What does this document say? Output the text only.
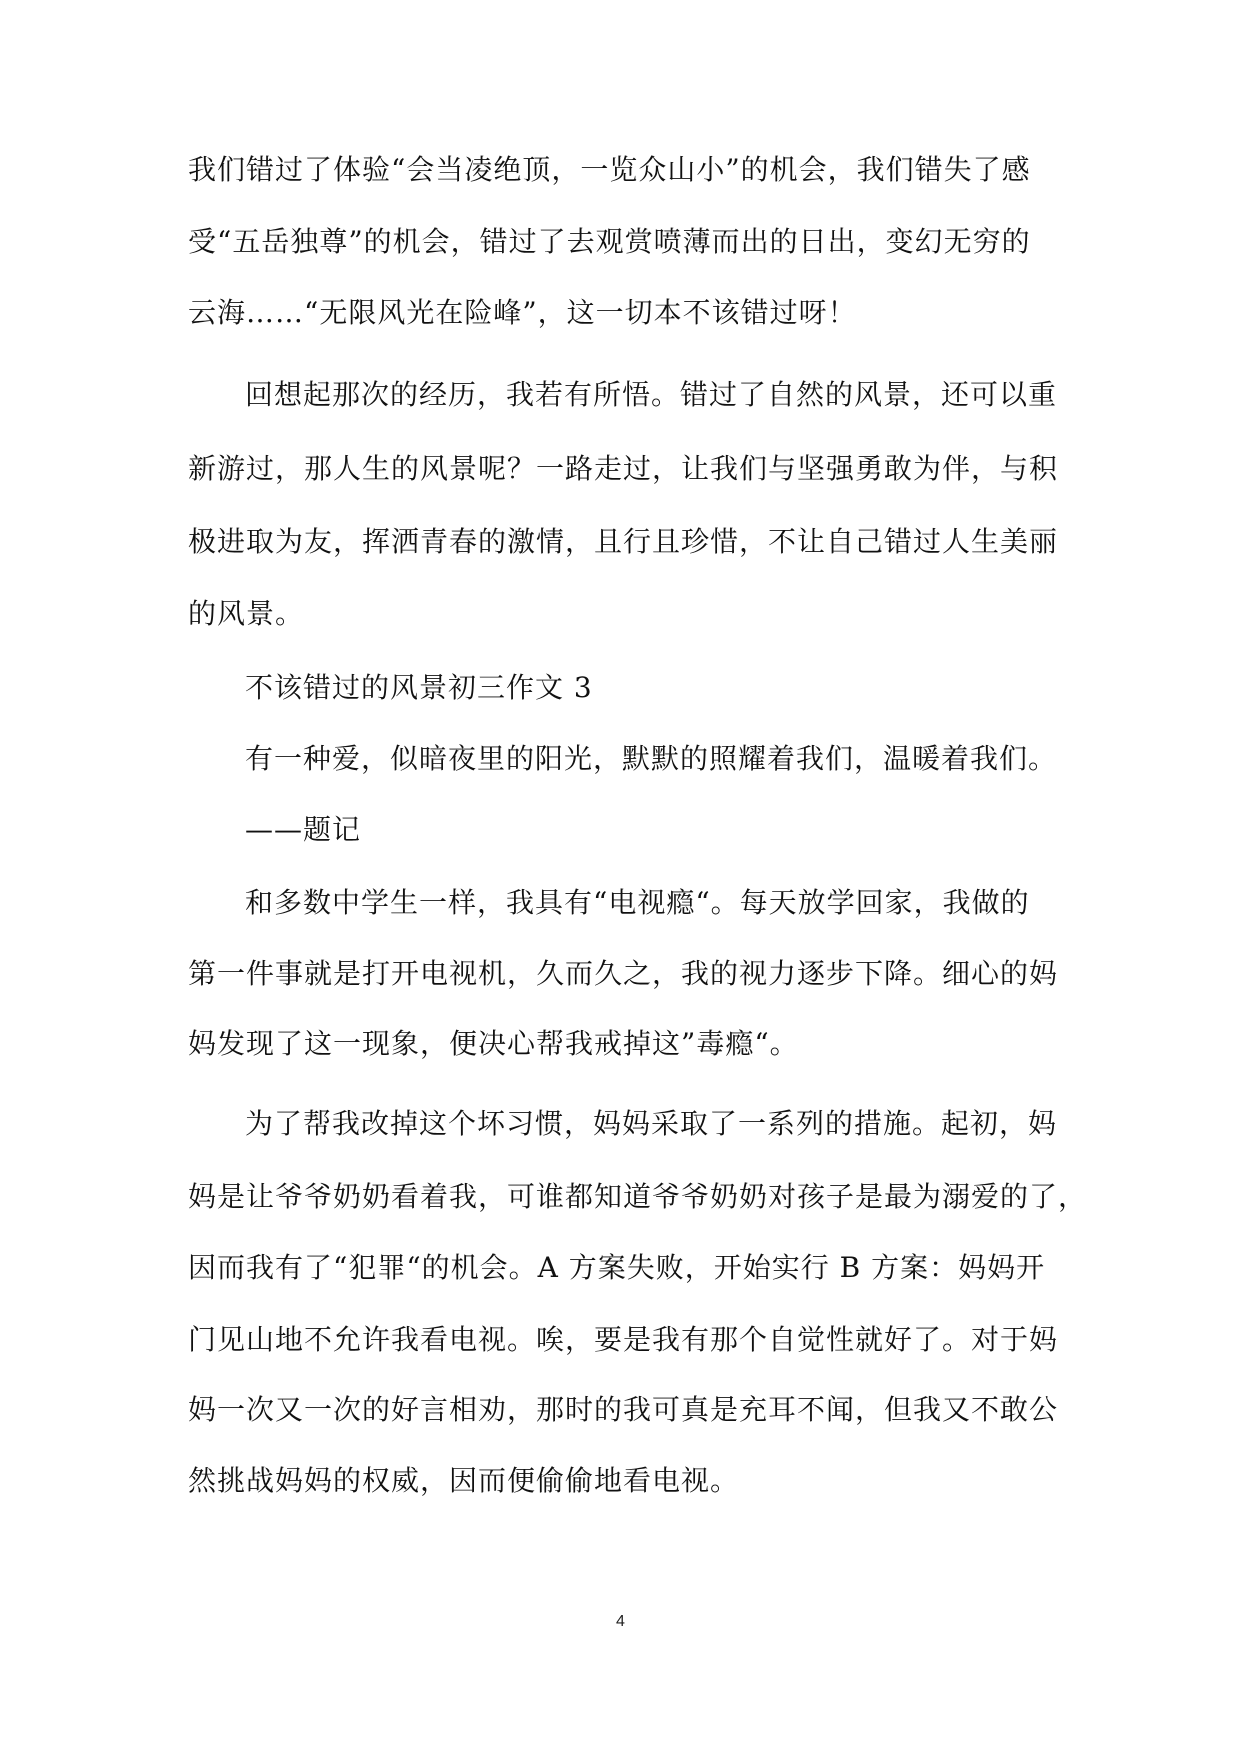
我们错过了体验“会当凌绝顶，一览众山小”的机会，我们错失了感
受“五岳独尊”的机会，错过了去观赏喷薄而出的日出，变幻无穷的
云海……“无限风光在险峰”，这一切本不该错过呀！
回想起那次的经历，我若有所悟。错过了自然的风景，还可以重
新游过，那人生的风景呢？一路走过，让我们与坚强勇敢为伴，与积
极进取为友，挥洒青春的激情，且行且珍惜，不让自己错过人生美丽
的风景。
不该错过的风景初三作文 3
有一种爱，似暗夜里的阳光，默默的照耀着我们，温暖着我们。
——题记
和多数中学生一样，我具有“电视瘾“。每天放学回家，我做的
第一件事就是打开电视机，久而久之，我的视力逐步下降。细心的妈
妈发现了这一现象，便决心帮我戒掉这”毒瘾“。
为了帮我改掉这个坏习惯，妈妈采取了一系列的措施。起初，妈
妈是让爷爷奶奶看着我，可谁都知道爷爷奶奶对孩子是最为溺爱的了，
因而我有了“犯罪“的机会。A 方案失败，开始实行 B 方案：妈妈开
门见山地不允许我看电视。唉，要是我有那个自觉性就好了。对于妈
妈一次又一次的好言相劝，那时的我可真是充耳不闻，但我又不敢公
然挑战妈妈的权威，因而便偷偷地看电视。
4
